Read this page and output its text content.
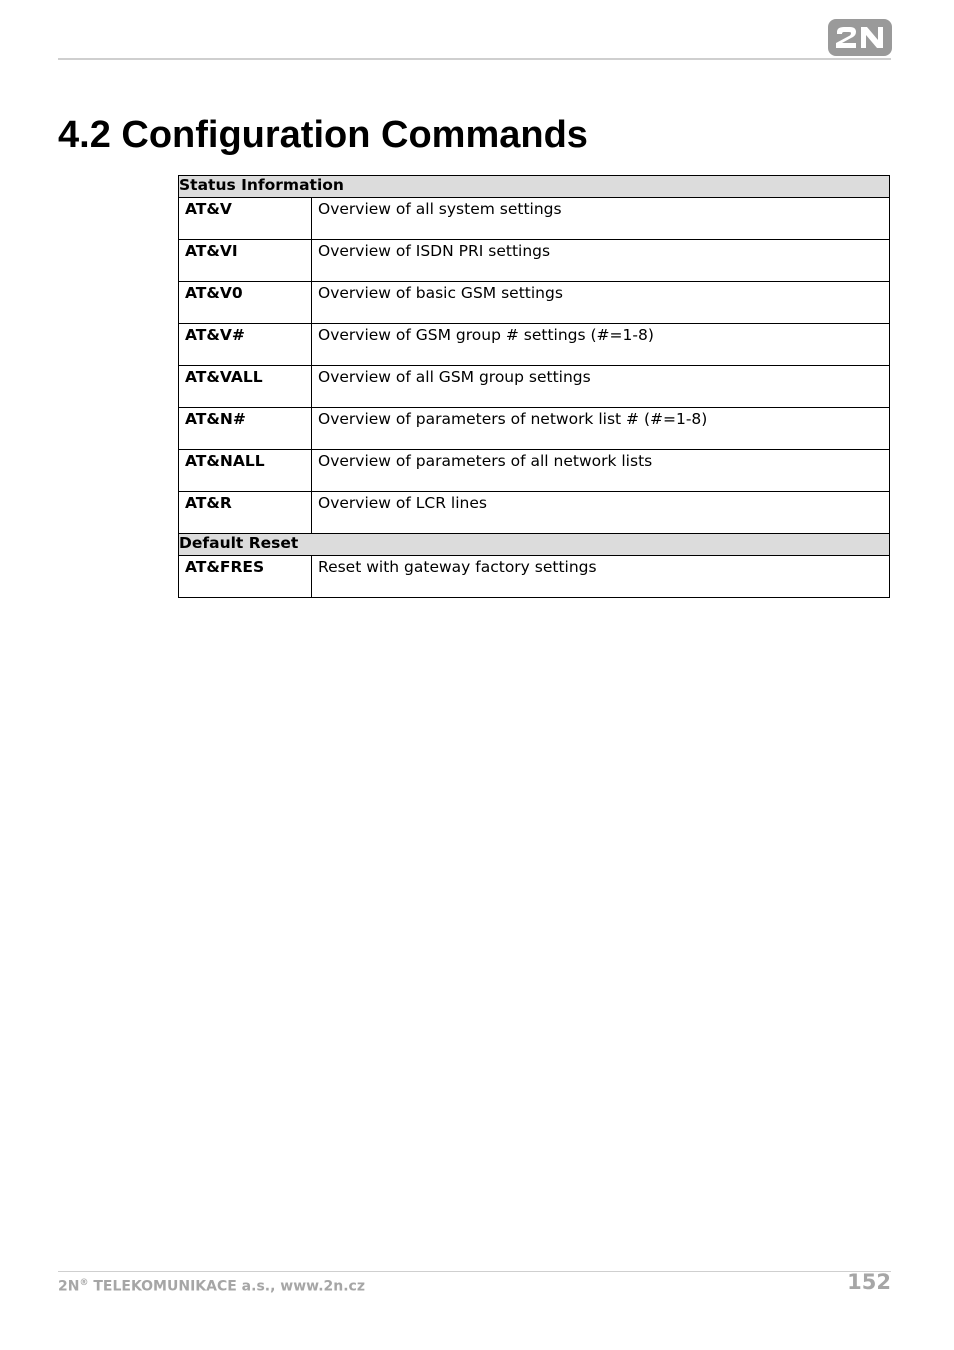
4.2 Configuration Commands
Status Information	
AT&V	Overview of all system settings
AT&VI	Overview of ISDN PRI settings
AT&V0	Overview of basic GSM settings
AT&V#	Overview of GSM group # settings (#=1-8)
AT&VALL	Overview of all GSM group settings
AT&N#	Overview of parameters of network list # (#=1-8)
AT&NALL	Overview of parameters of all network lists
AT&R	Overview of LCR lines
Default Reset	
AT&FRES	Reset with gateway factory settings
2N® TELEKOMUNIKACE a.s., www.2n.cz	152
